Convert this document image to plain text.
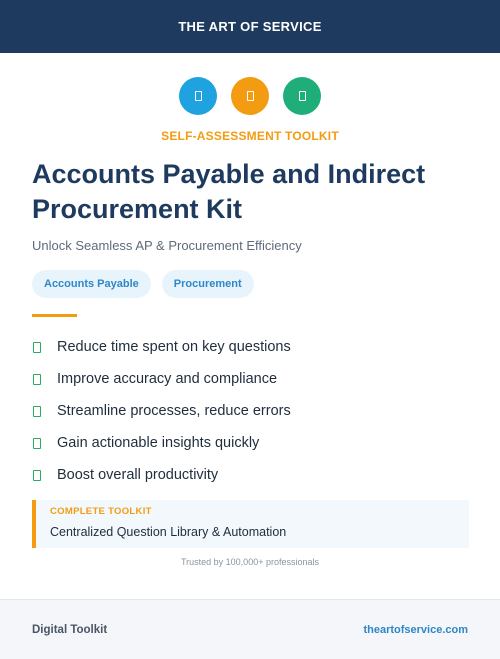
THE ART OF SERVICE
SELF-ASSESSMENT TOOLKIT
Accounts Payable and Indirect Procurement Kit
Unlock Seamless AP & Procurement Efficiency
Accounts Payable	Procurement
Reduce time spent on key questions
Improve accuracy and compliance
Streamline processes, reduce errors
Gain actionable insights quickly
Boost overall productivity
COMPLETE TOOLKIT
Centralized Question Library & Automation
Trusted by 100,000+ professionals
Digital Toolkit	theartofservice.com
